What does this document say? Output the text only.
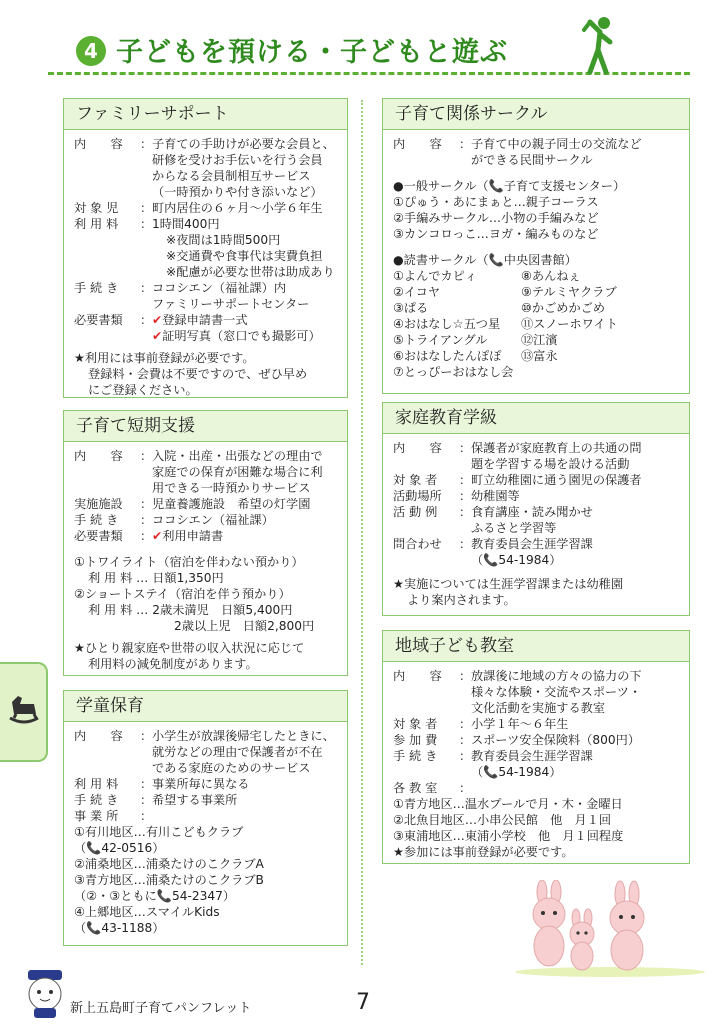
4 子どもを預ける・子どもと遊ぶ
ファミリーサポート
内　　容	： 子育ての手助けが必要な会員と、
研修を受けお手伝いを行う会員
からなる会員制相互サービス
（一時預かりや付き添いなど）
対 象 児	： 町内居住の６ヶ月〜小学６年生
利 用 料	： 1時間400円
※夜間は1時間500円
※交通費や食事代は実費負担
※配慮が必要な世帯は助成あり
手 続 き	： ココシエン（福祉課）内
ファミリーサポートセンター
必要書類	： ✔登録申請書一式
✔証明写真（窓口でも撮影可）
★利用には事前登録が必要です。
登録料・会費は不要ですので、ぜひ早め
にご登録ください。
子育て短期支援
内　　容	： 入院・出産・出張などの理由で
家庭での保育が困難な場合に利
用できる一時預かりサービス
実施施設	： 児童養護施設　希望の灯学園
手 続 き	： ココシエン（福祉課）
必要書類	： ✔利用申請書
①トワイライト（宿泊を伴わない預かり）
利 用 料 … 日額1,350円
②ショートステイ（宿泊を伴う預かり）
利 用 料 … 2歳未満児　日額5,400円
2歳以上児　日額2,800円
★ひとり親家庭や世帯の収入状況に応じて
利用料の減免制度があります。
学童保育
内　　容	： 小学生が放課後帰宅したときに、
就労などの理由で保護者が不在
である家庭のためのサービス
利 用 料	： 事業所毎に異なる
手 続 き	： 希望する事業所
事 業 所	：
①有川地区…有川こどもクラブ
（📞42-0516）
②浦桑地区…浦桑たけのこクラブA
③青方地区…浦桑たけのこクラブB
（②・③ともに📞54-2347）
④上郷地区…スマイルKids
（📞43-1188）
子育て関係サークル
内　　容	： 子育て中の親子同士の交流など
ができる民間サークル
●一般サークル（📞子育て支援センター）
①ぴゅう・あにまぁと…親子コーラス
②手編みサークル…小物の手編みなど
③カンコロっこ…ヨガ・編みものなど
●読書サークル（📞中央図書館）
①よんでカピィ	⑧あんねぇ
②イコヤ	⑨テルミヤクラブ
③ぱる	⑩かごめかごめ
④おはなし☆五つ星	⑪スノーホワイト
⑤トライアングル	⑫江濱
⑥おはなしたんぽぽ	⑬富永
⑦とっぴーおはなし会
家庭教育学級
内　　容	： 保護者が家庭教育上の共通の問
題を学習する場を設ける活動
対 象 者	： 町立幼稚園に通う園児の保護者
活動場所	： 幼稚園等
活 動 例	： 食育講座・読み聞かせ
ふるさと学習等
問合わせ	： 教育委員会生涯学習課
（📞54-1984）
★実施については生涯学習課または幼稚園
より案内されます。
地域子ども教室
内　　容	： 放課後に地域の方々の協力の下
様々な体験・交流やスポーツ・
文化活動を実施する教室
対 象 者	： 小学１年〜６年生
参 加 費	： スポーツ安全保険料（800円）
手 続 き	： 教育委員会生涯学習課
（📞54-1984）
各 教 室	：
①青方地区…温水プールで月・木・金曜日
②北魚目地区…小串公民館　他　月１回
③東浦地区…東浦小学校　他　月１回程度
★参加には事前登録が必要です。
新上五島町子育てパンフレット	7
